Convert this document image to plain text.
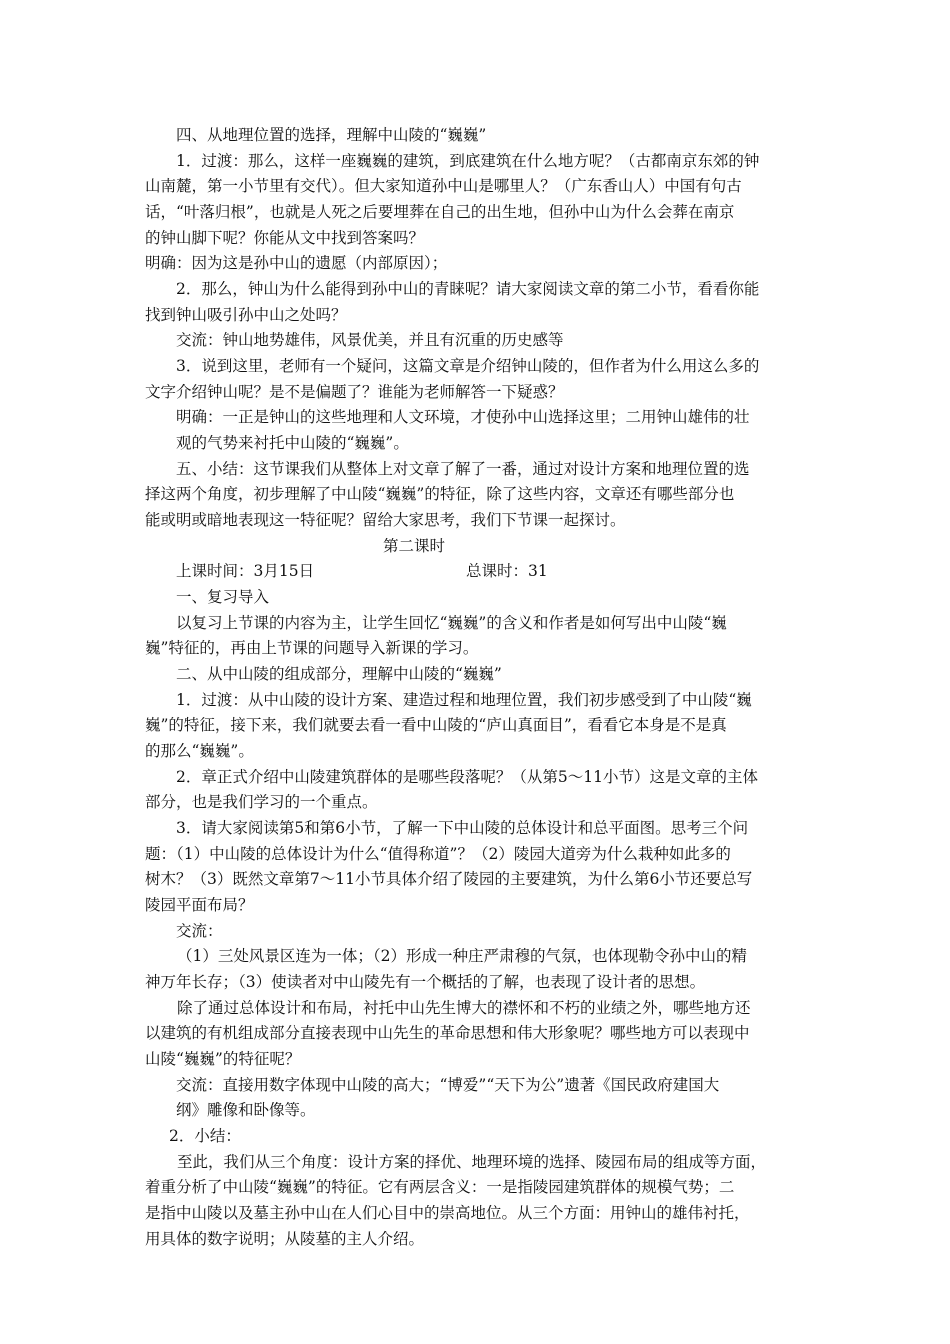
四、从地理位置的选择，理解中山陵的“巍巍”
1．过渡：那么，这样一座巍巍的建筑，到底建筑在什么地方呢？（古都南京东郊的钟
山南麓，第一小节里有交代）。但大家知道孙中山是哪里人？（广东香山人）中国有句古
话，“叶落归根”，也就是人死之后要埋葬在自己的出生地，但孙中山为什么会葬在南京
的钟山脚下呢？你能从文中找到答案吗？
明确：因为这是孙中山的遗愿（内部原因）；
2．那么，钟山为什么能得到孙中山的青睐呢？请大家阅读文章的第二小节，看看你能
找到钟山吸引孙中山之处吗？
交流：钟山地势雄伟，风景优美，并且有沉重的历史感等
3．说到这里，老师有一个疑问，这篇文章是介绍钟山陵的，但作者为什么用这么多的
文字介绍钟山呢？是不是偏题了？谁能为老师解答一下疑惑？
明确：一正是钟山的这些地理和人文环境，才使孙中山选择这里；二用钟山雄伟的壮
观的气势来衬托中山陵的“巍巍”。
五、小结：这节课我们从整体上对文章了解了一番，通过对设计方案和地理位置的选
择这两个角度，初步理解了中山陵“巍巍”的特征，除了这些内容，文章还有哪些部分也
能或明或暗地表现这一特征呢？留给大家思考，我们下节课一起探讨。
第二课时
上课时间：3月15日	总课时：31
一、复习导入
以复习上节课的内容为主，让学生回忆“巍巍”的含义和作者是如何写出中山陵“巍
巍”特征的，再由上节课的问题导入新课的学习。
二、从中山陵的组成部分，理解中山陵的“巍巍”
1．过渡：从中山陵的设计方案、建造过程和地理位置，我们初步感受到了中山陵“巍
巍”的特征，接下来，我们就要去看一看中山陵的“庐山真面目”，看看它本身是不是真
的那么“巍巍”。
2．章正式介绍中山陵建筑群体的是哪些段落呢？（从第5～11小节）这是文章的主体
部分，也是我们学习的一个重点。
3．请大家阅读第5和第6小节，了解一下中山陵的总体设计和总平面图。思考三个问
题：（1）中山陵的总体设计为什么“值得称道”？（2）陵园大道旁为什么栽种如此多的
树木？（3）既然文章第7～11小节具体介绍了陵园的主要建筑，为什么第6小节还要总写
陵园平面布局？
交流：
（1）三处风景区连为一体；（2）形成一种庄严肃穆的气氛，也体现勒令孙中山的精
神万年长存；（3）使读者对中山陵先有一个概括的了解，也表现了设计者的思想。
除了通过总体设计和布局，衬托中山先生博大的襟怀和不朽的业绩之外，哪些地方还
以建筑的有机组成部分直接表现中山先生的革命思想和伟大形象呢？哪些地方可以表现中
山陵“巍巍”的特征呢？
交流：直接用数字体现中山陵的高大；“博爱”“天下为公”遗著《国民政府建国大
纲》雕像和卧像等。
2．小结：
至此，我们从三个角度：设计方案的择优、地理环境的选择、陵园布局的组成等方面，
着重分析了中山陵“巍巍”的特征。它有两层含义：一是指陵园建筑群体的规模气势；二
是指中山陵以及墓主孙中山在人们心目中的崇高地位。从三个方面：用钟山的雄伟衬托，
用具体的数字说明；从陵墓的主人介绍。
